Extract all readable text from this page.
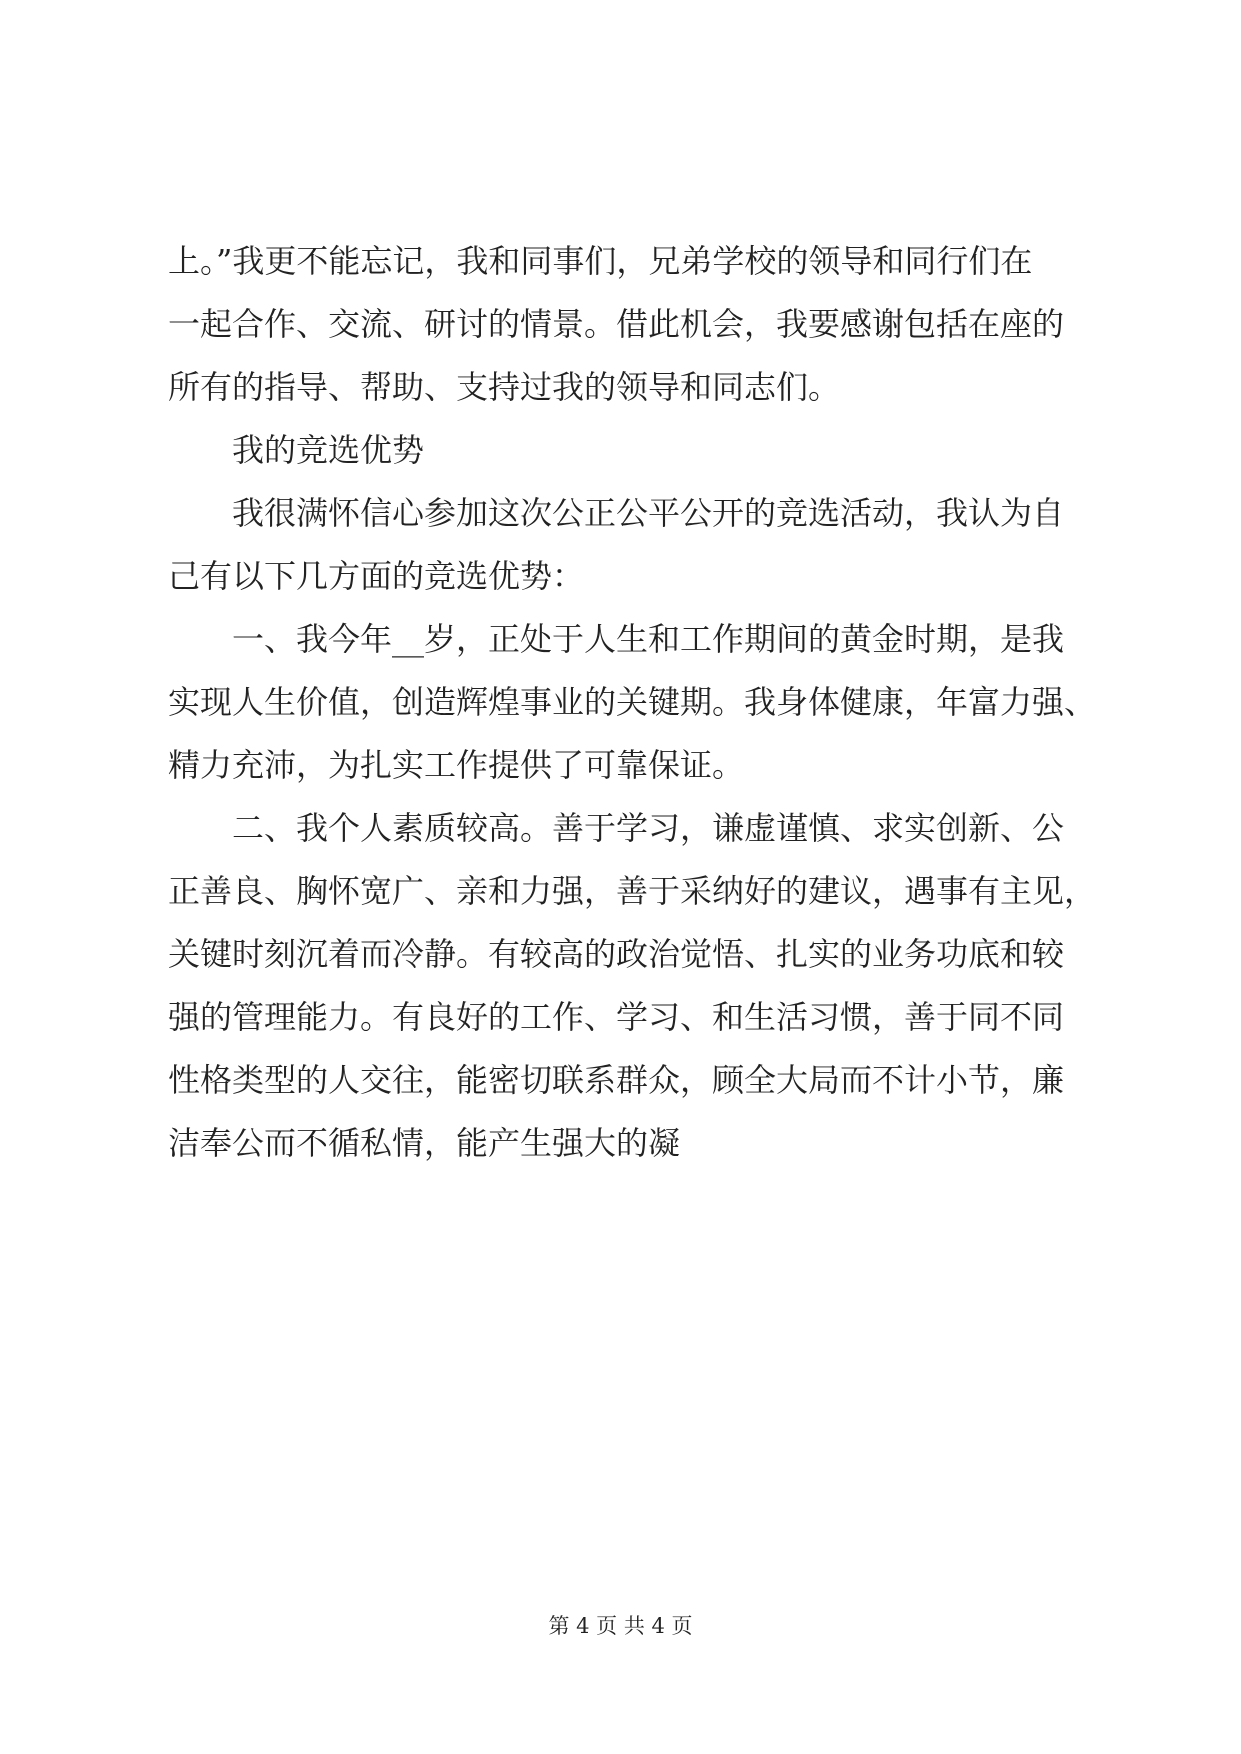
上。”我更不能忘记，我和同事们，兄弟学校的领导和同行们在
一起合作、交流、研讨的情景。借此机会，我要感谢包括在座的
所有的指导、帮助、支持过我的领导和同志们。
我的竞选优势
我很满怀信心参加这次公正公平公开的竞选活动，我认为自
己有以下几方面的竞选优势：
一、我今年__岁，正处于人生和工作期间的黄金时期，是我
实现人生价值，创造辉煌事业的关键期。我身体健康，年富力强、
精力充沛，为扎实工作提供了可靠保证。
二、我个人素质较高。善于学习，谦虚谨慎、求实创新、公
正善良、胸怀宽广、亲和力强，善于采纳好的建议，遇事有主见，
关键时刻沉着而冷静。有较高的政治觉悟、扎实的业务功底和较
强的管理能力。有良好的工作、学习、和生活习惯，善于同不同
性格类型的人交往，能密切联系群众，顾全大局而不计小节，廉
洁奉公而不循私情，能产生强大的凝
第 4 页 共 4 页
